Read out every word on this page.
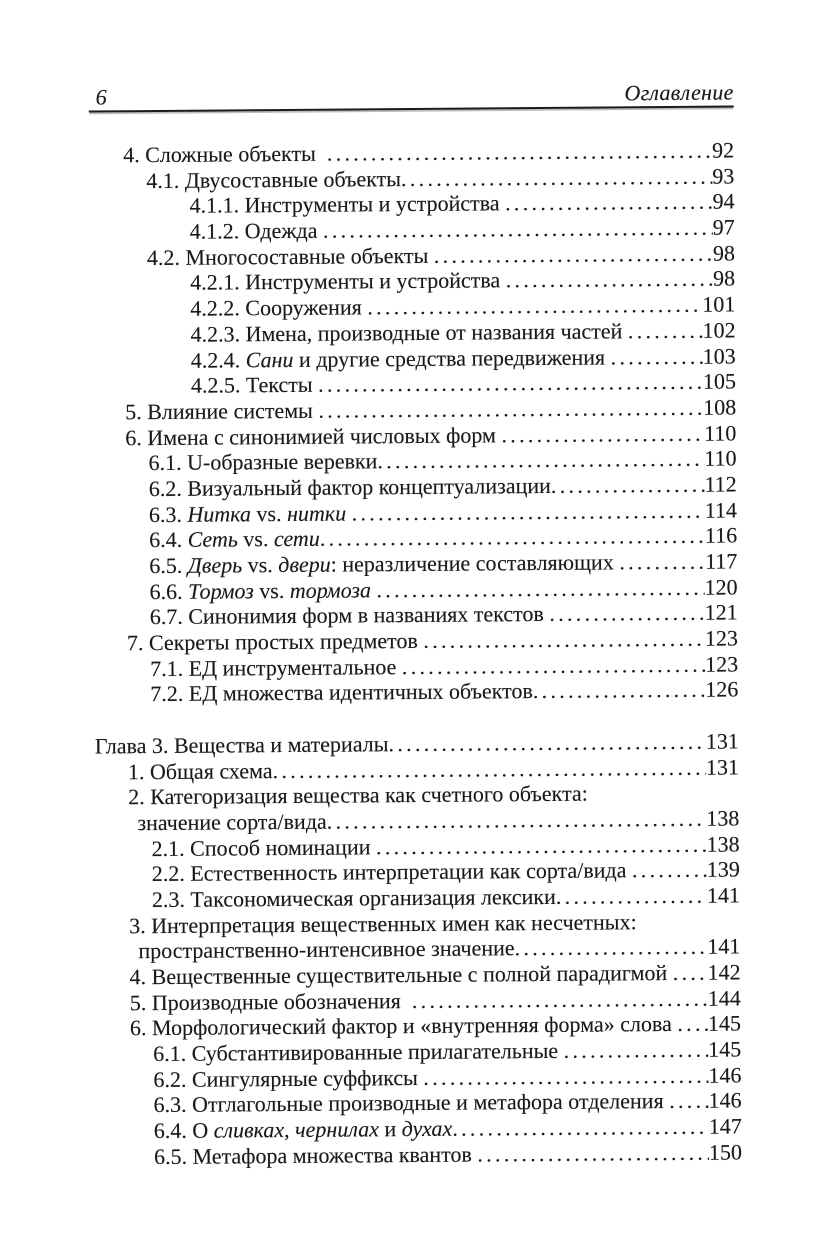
6	Оглавление
4. Сложные объекты .....	92
4.1. Двусоставные объекты .....	93
4.1.1. Инструменты и устройства .....	94
4.1.2. Одежда .....	97
4.2. Многосоставные объекты .....	98
4.2.1. Инструменты и устройства .....	98
4.2.2. Сооружения .....	101
4.2.3. Имена, производные от названия частей .....	102
4.2.4. Сани и другие средства передвижения .....	103
4.2.5. Тексты .....	105
5. Влияние системы .....	108
6. Имена с синонимией числовых форм .....	110
6.1. U-образные веревки .....	110
6.2. Визуальный фактор концептуализации .....	112
6.3. Нитка vs. нитки .....	114
6.4. Сеть vs. сети .....	116
6.5. Дверь vs. двери: неразличение составляющих .....	117
6.6. Тормоз vs. тормоза .....	120
6.7. Синонимия форм в названиях текстов .....	121
7. Секреты простых предметов .....	123
7.1. ЕД инструментальное .....	123
7.2. ЕД множества идентичных объектов .....	126
Глава 3. Вещества и материалы .....	131
1. Общая схема .....	131
2. Категоризация вещества как счетного объекта:
значение сорта/вида .....	138
2.1. Способ номинации .....	138
2.2. Естественность интерпретации как сорта/вида .....	139
2.3. Таксономическая организация лексики .....	141
3. Интерпретация вещественных имен как несчетных:
пространственно-интенсивное значение .....	141
4. Вещественные существительные с полной парадигмой ..... 142
5. Производные обозначения .....	144
6. Морфологический фактор и «внутренняя форма» слова ..... 145
6.1. Субстантивированные прилагательные .....	145
6.2. Сингулярные суффиксы .....	146
6.3. Отглагольные производные и метафора отделения ..... 146
6.4. О сливках, чернилах и духах .....	147
6.5. Метафора множества квантов .....	150
